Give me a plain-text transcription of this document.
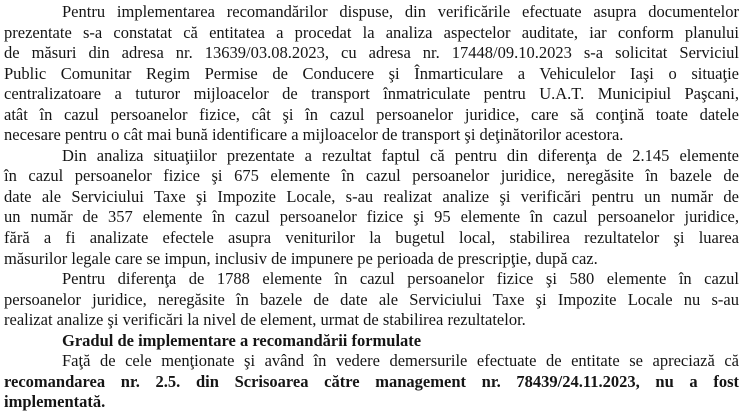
Pentru implementarea recomandărilor dispuse, din verificările efectuate asupra documentelor
prezentate s-a constatat că entitatea a procedat la analiza aspectelor auditate, iar conform planului
de măsuri din adresa nr. 13639/03.08.2023, cu adresa nr. 17448/09.10.2023 s-a solicitat Serviciul
Public Comunitar Regim Permise de Conducere şi Înmarticulare a Vehiculelor Iaşi o situaţie
centralizatoare a tuturor mijloacelor de transport înmatriculate pentru U.A.T. Municipiul Paşcani,
atât în cazul persoanelor fizice, cât şi în cazul persoanelor juridice, care să conţină toate datele
necesare pentru o cât mai bună identificare a mijloacelor de transport şi deţinătorilor acestora.
Din analiza situaţiilor prezentate a rezultat faptul că pentru din diferenţa de 2.145 elemente
în cazul persoanelor fizice şi 675 elemente în cazul persoanelor juridice, neregăsite în bazele de
date ale Serviciului Taxe şi Impozite Locale, s-au realizat analize şi verificări pentru un număr de
un număr de 357 elemente în cazul persoanelor fizice şi 95 elemente în cazul persoanelor juridice,
fără a fi analizate efectele asupra veniturilor la bugetul local, stabilirea rezultatelor şi luarea
măsurilor legale care se impun, inclusiv de impunere pe perioada de prescripţie, după caz.
Pentru diferenţa de 1788 elemente în cazul persoanelor fizice şi 580 elemente în cazul
persoanelor juridice, neregăsite în bazele de date ale Serviciului Taxe şi Impozite Locale nu s-au
realizat analize şi verificări la nivel de element, urmat de stabilirea rezultatelor.
Gradul de implementare a recomandării formulate
Faţă de cele menţionate şi având în vedere demersurile efectuate de entitate se apreciază că
recomandarea nr. 2.5. din Scrisoarea către management nr. 78439/24.11.2023, nu a fost
implementată.
